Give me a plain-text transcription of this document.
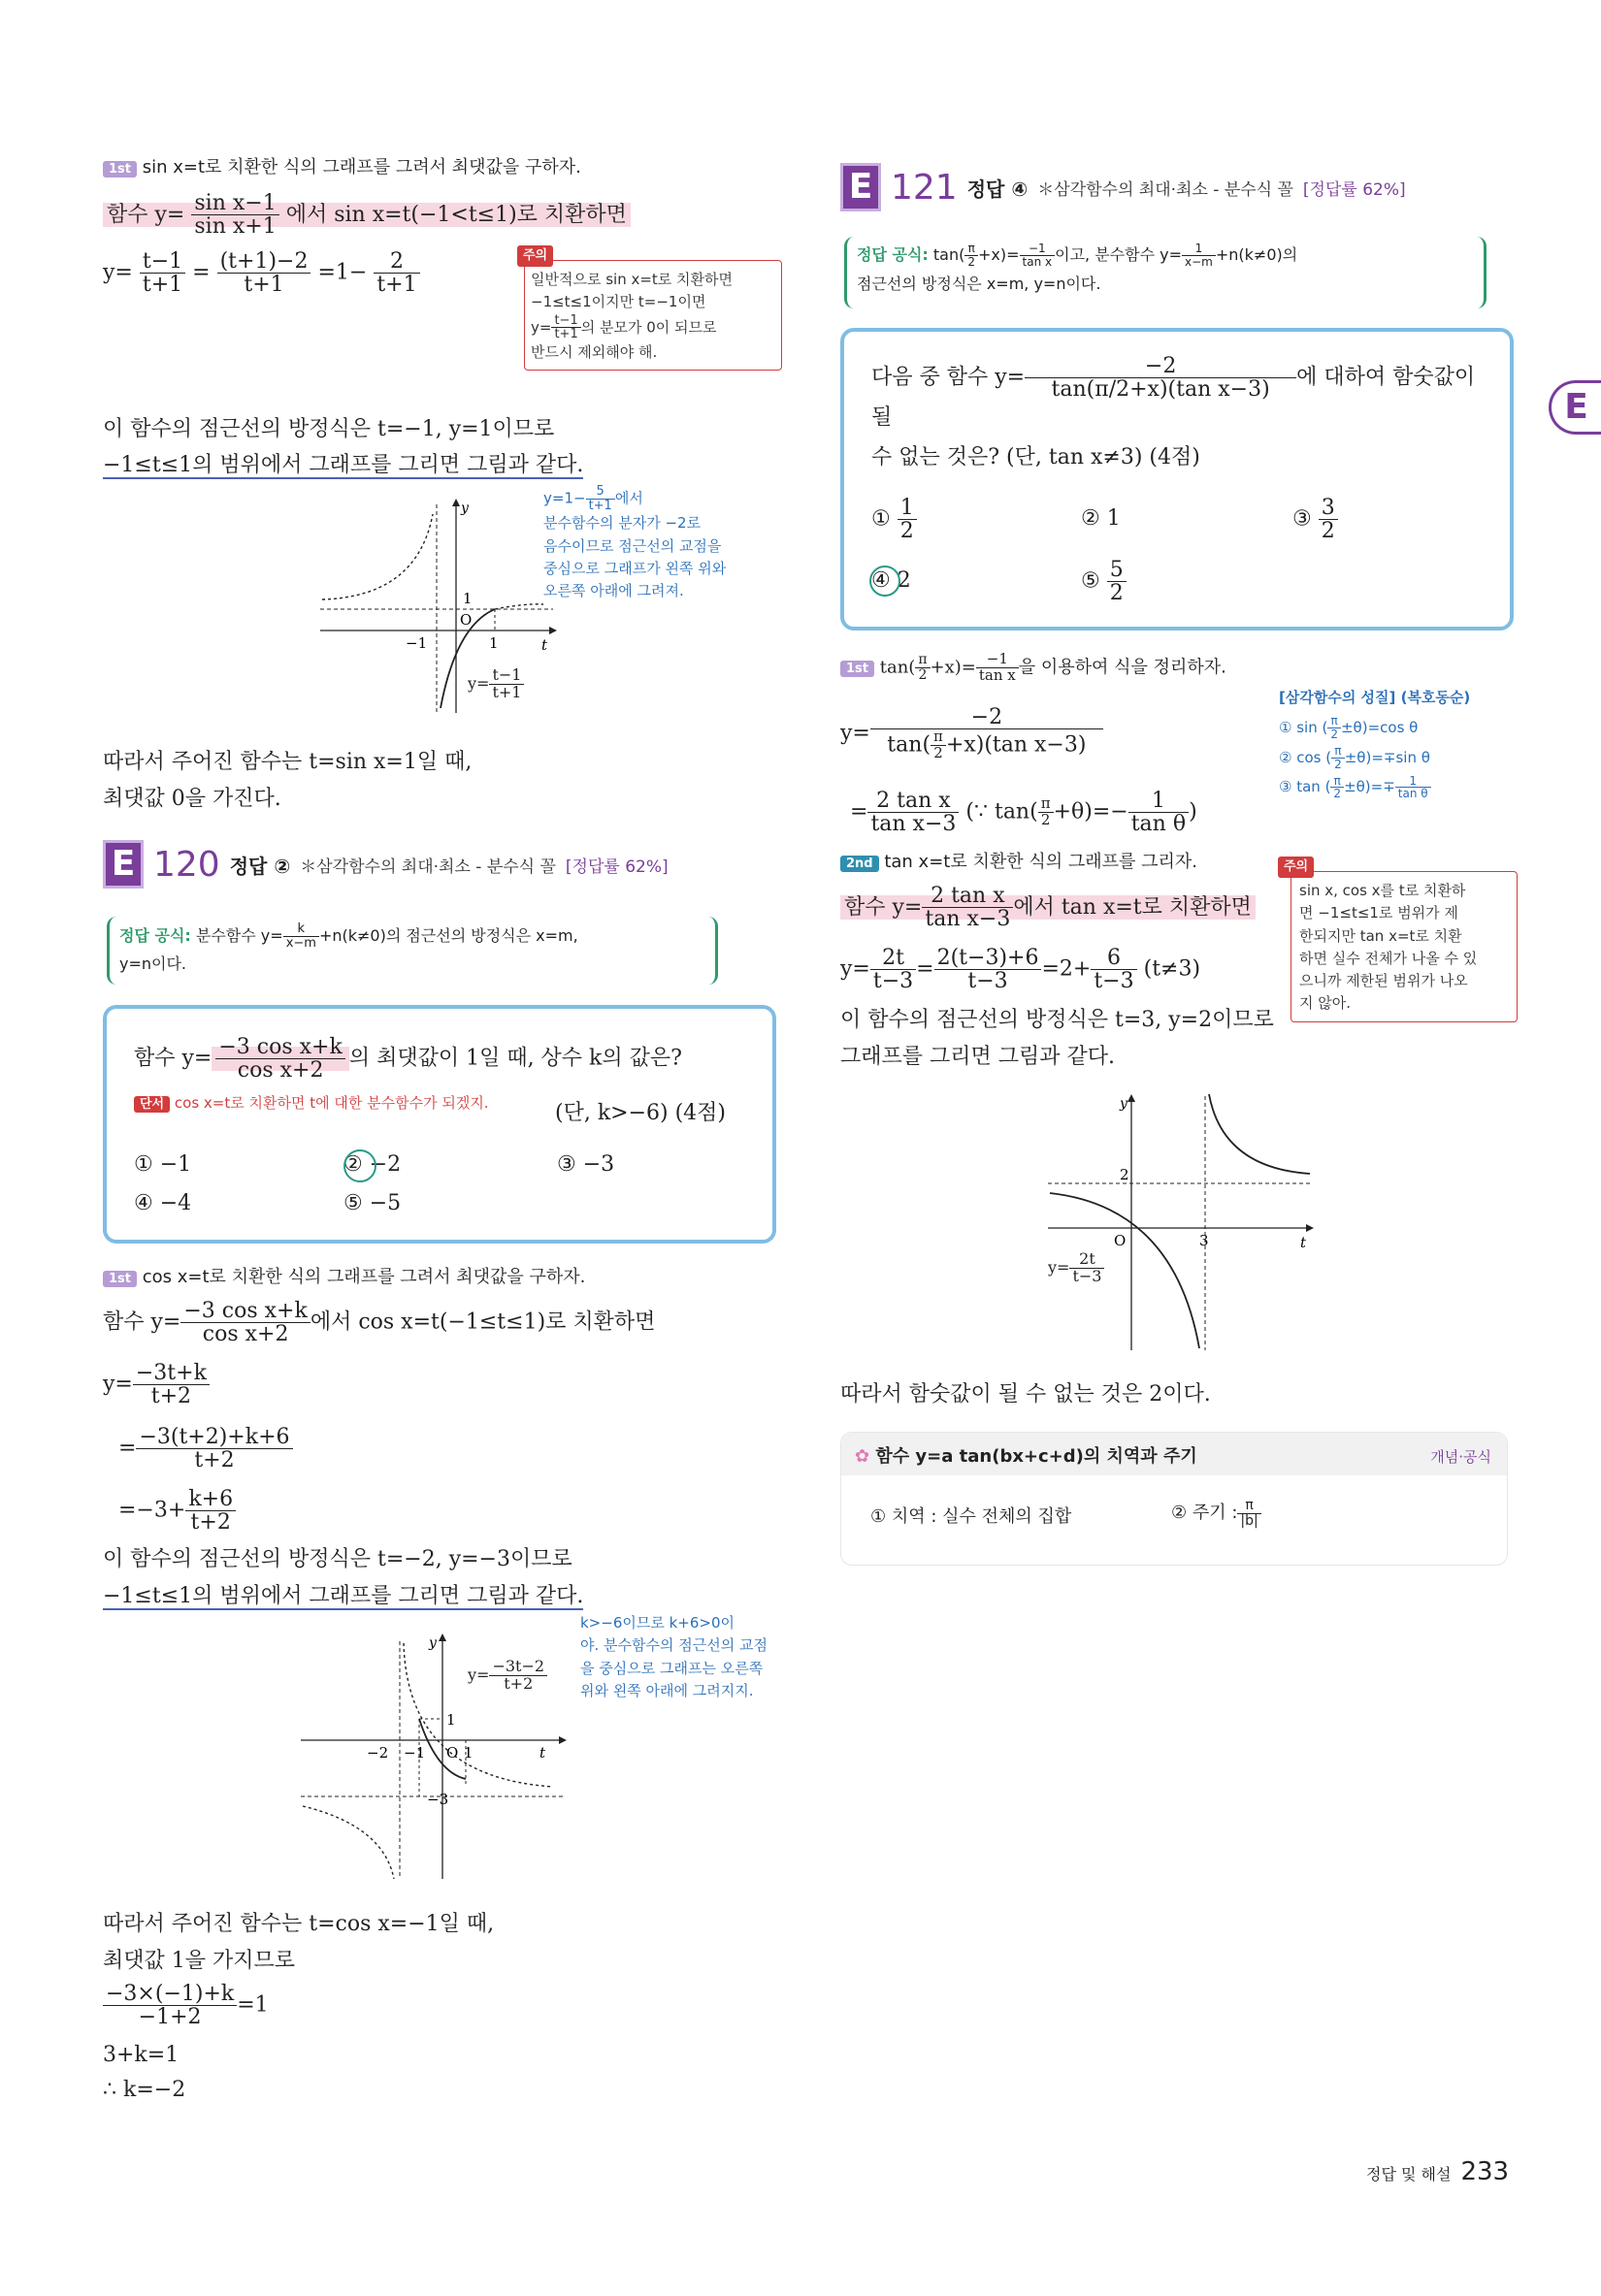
1st sin x=t로 치환한 식의 그래프를 그려서 최댓값을 구하자.
함수 $y= \frac{\text{sin x−1}}{\text{sin x+1}}$ 에서 sin x=t(−1<t≤1)로 치환하면
$y= \frac{t-1}{t+1} = \frac{(t+1)-2}{t+1} =1- \frac{2}{t+1}$	주의
일반적으로 sin x=t로 치환하면
−1≤t≤1이지만 t=−1이면
$y= \frac{t-1}{t+1}$ 의 분모가 0이 되므로
반드시 제외해야 해.
이 함수의 점근선의 방정식은 t=−1, y=1이므로
−1≤t≤1의 범위에서 그래프를 그리면 그림과 같다.
$y=1- \frac{5}{t+1}$ 에서
분수함수의 분자가 −2로
음수이므로 점근선의 교점을
중심으로 그래프가 왼쪽 위와
오른쪽 아래에 그려져.
y
1
O
−1	1	t
$y= \frac{t-1}{t+1}$
따라서 주어진 함수는 t=sin x=1일 때,
최댓값 0을 가진다.
E 120 정답 ② ＊삼각함수의 최대·최소 - 분수식 꼴 [정답률 62%]
정답 공식: 분수함수 $y= \frac{k}{x-m} +n(k\ne 0)$의 점근선의 방정식은 x=m,
y=n이다.
함수 $y= \frac{\text{−3 cos x+k}}{\text{cos x+2}}$ 의 최댓값이 1일 때, 상수 k의 값은?
단서 cos x=t로 치환하면 t에 대한 분수함수가 되겠지.	(단, k>−6) (4점)
① −1	② −2	③ −3
④ −4	⑤ −5
1st cos x=t로 치환한 식의 그래프를 그려서 최댓값을 구하자.
함수 $y= \frac{\text{−3 cos x+k}}{\text{cos x+2}}$ 에서 cos x=t(−1≤t≤1)로 치환하면
$y= \frac{-3t+k}{t+2}$
= $\frac{-3(t+2)+k+6}{t+2}$
$=-3+ \frac{k+6}{t+2}$
이 함수의 점근선의 방정식은 t=−2, y=−3이므로
−1≤t≤1의 범위에서 그래프를 그리면 그림과 같다.
k>−6이므로 k+6>0이
야. 분수함수의 점근선의 교점
을 중심으로 그래프는 오른쪽
위와 왼쪽 아래에 그려지지.
y
1
−2 −1 O 1	t
−3
$y= \frac{-3t-2}{t+2}$
따라서 주어진 함수는 t=cos x=−1일 때,
최댓값 1을 가지므로
$\frac{-3\times(-1)+k}{-1+2} =1$
3+k=1
∴ k=−2
E 121 정답 ④ ＊삼각함수의 최대·최소 - 분수식 꼴 [정답률 62%]
정답 공식: $\tan( \frac{\pi}{2} +x)= \frac{-1}{\text{tan x}}$ 이고, 분수함수 $y= \frac{1}{x-m} +n(k\ne 0)$의
점근선의 방정식은 x=m, y=n이다.
다음 중 함수 $y= \frac{-2}{\text{tan(π/2+x)(tan x−3)}}$ 에 대하여 함숫값이 될
수 없는 것은? (단, tan x≠3) (4점)
① $\frac{1}{2}$	② 1	③ $\frac{3}{2}$
④ 2	⑤ $\frac{5}{2}$
1st $\tan( \frac{\pi}{2} +x)= \frac{-1}{\text{tan x}}$ 을 이용하여 식을 정리하자.
[삼각함수의 성질] (복호동순)
① sin ( $\frac{\pi}{2} \pm\theta)=\cos$ θ
② cos ( $\frac{\pi}{2} \pm\theta)=\mp\sin$ θ
③ tan ( $\frac{\pi}{2} \pm\theta)=\mp \frac{1}{\text{tan θ}}$
$y= \frac{-2}{\tan( \frac{\pi}{2} +x)(\tan x-3)}$
= $\frac{\text{2 tan x}}{\text{tan x−3}}$ (∵ $\tan( \frac{\pi}{2} +\theta)=- \frac{1}{\text{tan θ}}$ )
2nd tan x=t로 치환한 식의 그래프를 그리자.
함수 $y= \frac{\text{2 tan x}}{\text{tan x−3}}$ 에서 tan x=t로 치환하면
$y= \frac{2t}{t-3} = \frac{2(t-3)+6}{t-3} =2+ \frac{6}{t-3} (t\ne 3)$
주의
sin x, cos x를 t로 치환하
면 −1≤t≤1로 범위가 제
한되지만 tan x=t로 치환
하면 실수 전체가 나올 수 있
으니까 제한된 범위가 나오
지 않아.
이 함수의 점근선의 방정식은 t=3, y=2이므로
그래프를 그리면 그림과 같다.
y
2
O	3	t
$y= \frac{2t}{t-3}$
따라서 함숫값이 될 수 없는 것은 2이다.
✿ 함수 y=a tan(bx+c+d)의 치역과 주기	개념·공식
① 치역 : 실수 전체의 집합	② 주기 : $\frac{\pi}{|b|}$
E
정답 및 해설 233
